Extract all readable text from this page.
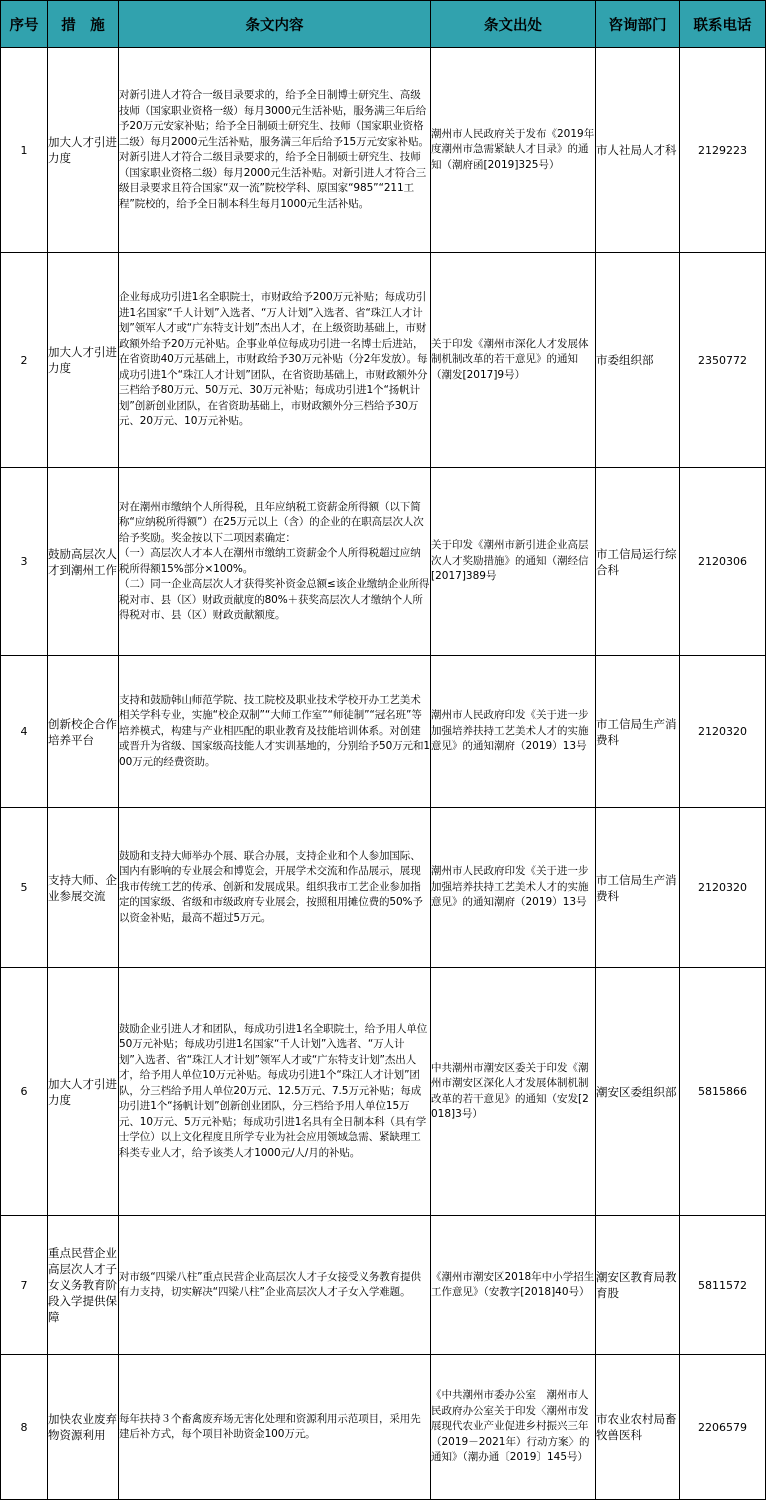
序号	措　施	条文内容	条文出处	咨询部门	联系电话
1	加大人才引进力度	对新引进人才符合一级目录要求的，给予全日制博士研究生、高级技师（国家职业资格一级）每月3000元生活补贴，服务满三年后给予20万元安家补贴；给予全日制硕士研究生、技师（国家职业资格二级）每月2000元生活补贴，服务满三年后给予15万元安家补贴。对新引进人才符合二级目录要求的，给予全日制硕士研究生、技师（国家职业资格二级）每月2000元生活补贴。对新引进人才符合三级目录要求且符合国家“双一流”院校学科、原国家“985”“211工程”院校的，给予全日制本科生每月1000元生活补贴。	潮州市人民政府关于发布《2019年度潮州市急需紧缺人才目录》的通知（潮府函[2019]325号）	市人社局人才科	2129223
2	加大人才引进力度	企业每成功引进1名全职院士，市财政给予200万元补贴；每成功引进1名国家“千人计划”入选者、“万人计划”入选者、省“珠江人才计划”领军人才或“广东特支计划”杰出人才，在上级资助基础上，市财政额外给予20万元补贴。企事业单位每成功引进一名博士后进站，在省资助40万元基础上，市财政给予30万元补贴（分2年发放）。每成功引进1个“珠江人才计划”团队，在省资助基础上，市财政额外分三档给予80万元、50万元、30万元补贴；每成功引进1个“扬帆计划”创新创业团队，在省资助基础上，市财政额外分三档给予30万元、20万元、10万元补贴。	关于印发《潮州市深化人才发展体制机制改革的若干意见》的通知（潮发[2017]9号）	市委组织部	2350772
3	鼓励高层次人才到潮州工作	对在潮州市缴纳个人所得税，且年应纳税工资薪金所得额（以下简称“应纳税所得额”）在25万元以上（含）的企业的在职高层次人次给予奖励。奖金按以下二项因素确定：
（一）高层次人才本人在潮州市缴纳工资薪金个人所得税超过应纳税所得额15%部分×100%。
（二）同一企业高层次人才获得奖补资金总额≤该企业缴纳企业所得税对市、县（区）财政贡献度的80%＋获奖高层次人才缴纳个人所得税对市、县（区）财政贡献额度。	关于印发《潮州市新引进企业高层次人才奖励措施》的通知（潮经信[2017]389号	市工信局运行综合科	2120306
4	创新校企合作培养平台	支持和鼓励韩山师范学院、技工院校及职业技术学校开办工艺美术相关学科专业，实施“校企双制”“大师工作室”“师徒制”“冠名班”等培养模式，构建与产业相匹配的职业教育及技能培训体系。对创建或晋升为省级、国家级高技能人才实训基地的，分别给予50万元和100万元的经费资助。	潮州市人民政府印发《关于进一步加强培养扶持工艺美术人才的实施意见》的通知潮府（2019）13号	市工信局生产消费科	2120320
5	支持大师、企业参展交流	鼓励和支持大师举办个展、联合办展，支持企业和个人参加国际、国内有影响的专业展会和博览会，开展学术交流和作品展示，展现我市传统工艺的传承、创新和发展成果。组织我市工艺企业参加指定的国家级、省级和市级政府专业展会，按照租用摊位费的50%予以资金补贴，最高不超过5万元。	潮州市人民政府印发《关于进一步加强培养扶持工艺美术人才的实施意见》的通知潮府（2019）13号	市工信局生产消费科	2120320
6	加大人才引进力度	鼓励企业引进人才和团队，每成功引进1名全职院士，给予用人单位50万元补贴；每成功引进1名国家“千人计划”入选者、“万人计划”入选者、省“珠江人才计划”领军人才或“广东特支计划”杰出人才，给予用人单位10万元补贴。每成功引进1个“珠江人才计划”团队，分三档给予用人单位20万元、12.5万元、7.5万元补贴；每成功引进1个“扬帆计划”创新创业团队，分三档给予用人单位15万元、10万元、5万元补贴；每成功引进1名具有全日制本科（具有学士学位）以上文化程度且所学专业为社会应用领域急需、紧缺理工科类专业人才，给予该类人才1000元/人/月的补贴。	中共潮州市潮安区委关于印发《潮州市潮安区深化人才发展体制机制改革的若干意见》的通知（安发[2018]3号）	潮安区委组织部	5815866
7	重点民营企业高层次人才子女义务教育阶段入学提供保障	对市级“四梁八柱”重点民营企业高层次人才子女接受义务教育提供有力支持，切实解决“四梁八柱”企业高层次人才子女入学难题。	《潮州市潮安区2018年中小学招生工作意见》（安教字[2018]40号）	潮安区教育局教育股	5811572
8	加快农业废弃物资源利用	每年扶持３个畜禽废弃场无害化处理和资源利用示范项目，采用先建后补方式，每个项目补助资金100万元。	《中共潮州市委办公室　潮州市人民政府办公室关于印发〈潮州市发展现代农业产业促进乡村振兴三年（2019－2021年）行动方案〉的通知》（潮办通〔2019〕145号）	市农业农村局畜牧兽医科	2206579
